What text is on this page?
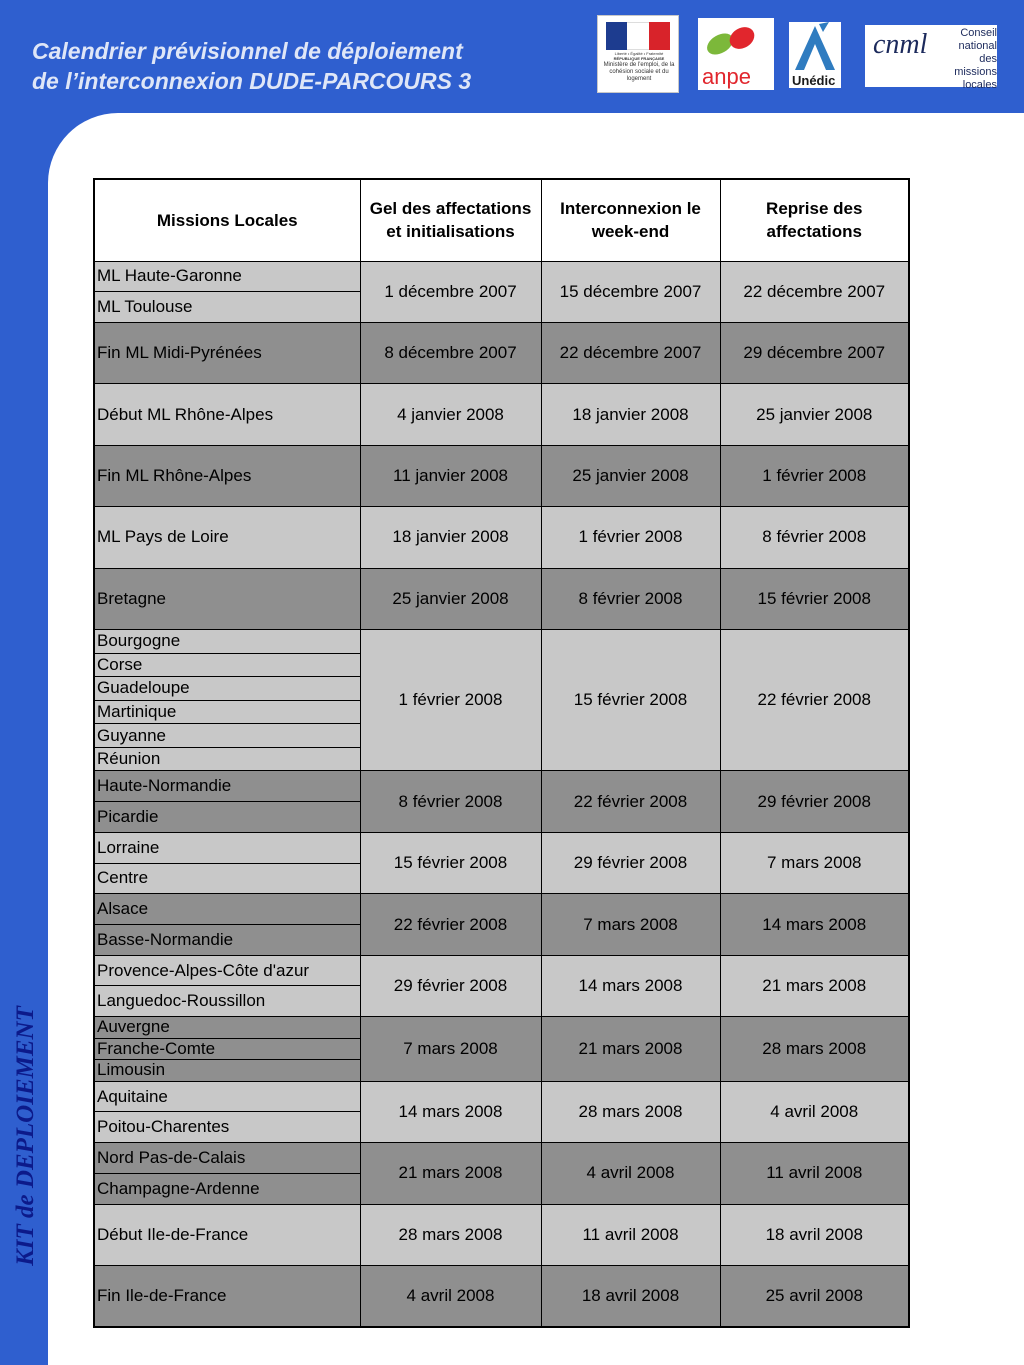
Calendrier prévisionnel de déploiement
de l’interconnexion DUDE-PARCOURS 3
Liberté • Égalité • Fraternité
RÉPUBLIQUE FRANÇAISE
Ministère de l'emploi, de la cohésion sociale et du logement	anpe	Unédic
cnml	Conseil
national
des missions
locales
KIT de DEPLOIEMENT
Missions Locales	Gel des affectations et initialisations	Interconnexion le week-end	Reprise des affectations
ML Haute-Garonne	1 décembre 2007	15 décembre 2007	22 décembre 2007
ML Toulouse			
Fin ML Midi-Pyrénées	8 décembre 2007	22 décembre 2007	29 décembre 2007
Début ML Rhône-Alpes	4 janvier 2008	18 janvier 2008	25 janvier 2008
Fin ML Rhône-Alpes	11 janvier 2008	25 janvier 2008	1 février 2008
ML Pays de Loire	18 janvier 2008	1 février 2008	8 février 2008
Bretagne	25 janvier 2008	8 février 2008	15 février 2008
Bourgogne	1 février 2008	15 février 2008	22 février 2008
Corse			
Guadeloupe			
Martinique			
Guyanne			
Réunion			
Haute-Normandie	8 février 2008	22 février 2008	29 février 2008
Picardie			
Lorraine	15 février 2008	29 février 2008	7 mars 2008
Centre			
Alsace	22 février 2008	7 mars 2008	14 mars 2008
Basse-Normandie			
Provence-Alpes-Côte d'azur	29 février 2008	14 mars 2008	21 mars 2008
Languedoc-Roussillon			
Auvergne	7 mars 2008	21 mars 2008	28 mars 2008
Franche-Comte			
Limousin			
Aquitaine	14 mars 2008	28 mars 2008	4 avril 2008
Poitou-Charentes			
Nord Pas-de-Calais	21 mars 2008	4 avril 2008	11 avril 2008
Champagne-Ardenne			
Début Ile-de-France	28 mars 2008	11 avril 2008	18 avril 2008
Fin Ile-de-France	4 avril 2008	18 avril 2008	25 avril 2008
